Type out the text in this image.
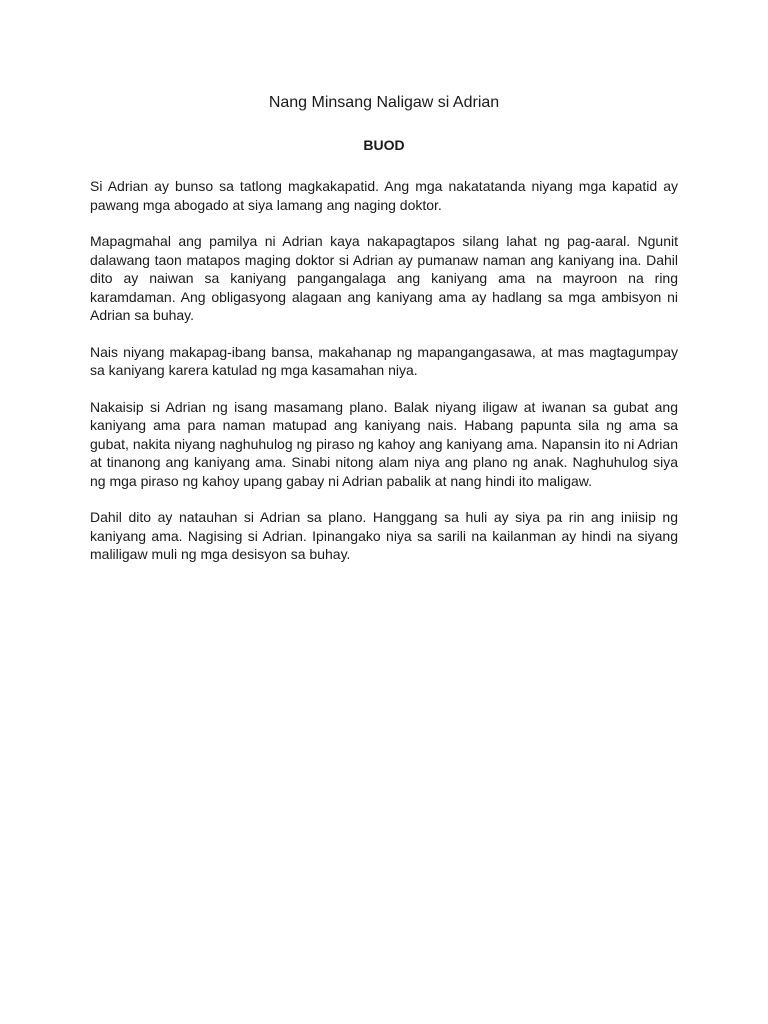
Nang Minsang Naligaw si Adrian
BUOD

Si Adrian ay bunso sa tatlong magkakapatid. Ang mga nakatatanda niyang mga kapatid ay pawang mga abogado at siya lamang ang naging doktor.

Mapagmahal ang pamilya ni Adrian kaya nakapagtapos silang lahat ng pag-aaral. Ngunit dalawang taon matapos maging doktor si Adrian ay pumanaw naman ang kaniyang ina. Dahil dito ay naiwan sa kaniyang pangangalaga ang kaniyang ama na mayroon na ring karamdaman. Ang obligasyong alagaan ang kaniyang ama ay hadlang sa mga ambisyon ni Adrian sa buhay.

Nais niyang makapag-ibang bansa, makahanap ng mapangangasawa, at mas magtagumpay sa kaniyang karera katulad ng mga kasamahan niya.

Nakaisip si Adrian ng isang masamang plano. Balak niyang iligaw at iwanan sa gubat ang kaniyang ama para naman matupad ang kaniyang nais. Habang papunta sila ng ama sa gubat, nakita niyang naghuhulog ng piraso ng kahoy ang kaniyang ama. Napansin ito ni Adrian at tinanong ang kaniyang ama. Sinabi nitong alam niya ang plano ng anak. Naghuhulog siya ng mga piraso ng kahoy upang gabay ni Adrian pabalik at nang hindi ito maligaw.

Dahil dito ay natauhan si Adrian sa plano. Hanggang sa huli ay siya pa rin ang iniisip ng kaniyang ama. Nagising si Adrian. Ipinangako niya sa sarili na kailanman ay hindi na siyang maliligaw muli ng mga desisyon sa buhay.
